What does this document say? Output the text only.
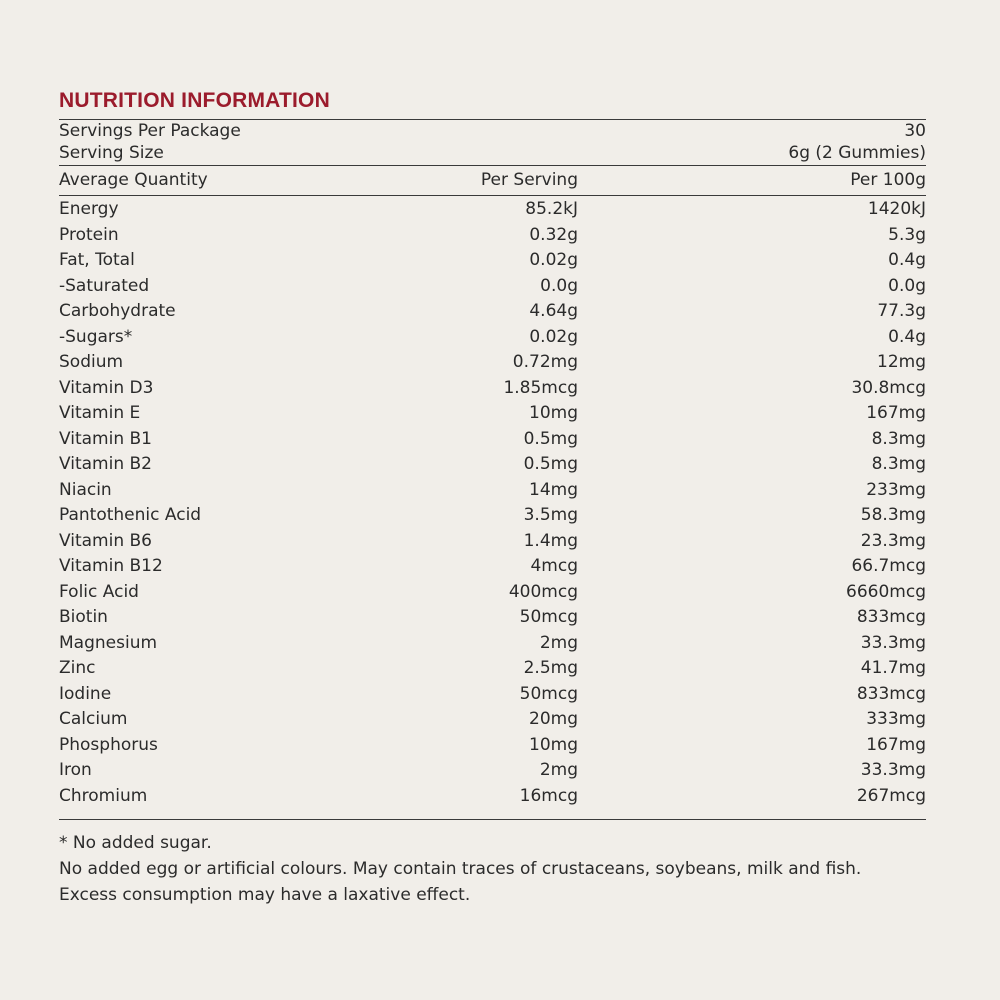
NUTRITION INFORMATION
Servings Per Package	30
Serving Size	6g (2 Gummies)
Average Quantity	Per Serving	Per 100g
Energy	85.2kJ	1420kJ
Protein	0.32g	5.3g
Fat, Total	0.02g	0.4g
-Saturated	0.0g	0.0g
Carbohydrate	4.64g	77.3g
-Sugars*	0.02g	0.4g
Sodium	0.72mg	12mg
Vitamin D3	1.85mcg	30.8mcg
Vitamin E	10mg	167mg
Vitamin B1	0.5mg	8.3mg
Vitamin B2	0.5mg	8.3mg
Niacin	14mg	233mg
Pantothenic Acid	3.5mg	58.3mg
Vitamin B6	1.4mg	23.3mg
Vitamin B12	4mcg	66.7mcg
Folic Acid	400mcg	6660mcg
Biotin	50mcg	833mcg
Magnesium	2mg	33.3mg
Zinc	2.5mg	41.7mg
Iodine	50mcg	833mcg
Calcium	20mg	333mg
Phosphorus	10mg	167mg
Iron	2mg	33.3mg
Chromium	16mcg	267mcg

* No added sugar.

No added egg or artificial colours. May contain traces of crustaceans, soybeans, milk and fish.

Excess consumption may have a laxative effect.
